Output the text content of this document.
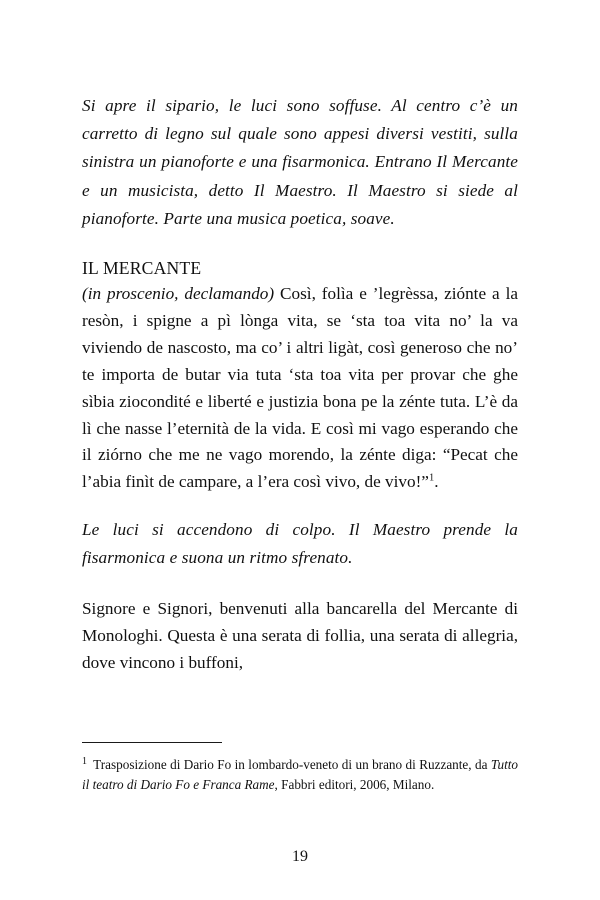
Si apre il sipario, le luci sono soffuse. Al centro c’è un carretto di legno sul quale sono appesi diversi vestiti, sulla sinistra un pianoforte e una fisarmonica. Entrano Il Mercante e un musicista, detto Il Maestro. Il Maestro si siede al pianoforte. Parte una musica poetica, soave.

IL MERCANTE

(in proscenio, declamando) Così, folìa e ’legrèssa, ziónte a la resòn, i spigne a pì lònga vita, se ‘sta toa vita no’ la va viviendo de nascosto, ma co’ i altri ligàt, così generoso che no’ te importa de butar via tuta ‘sta toa vita per provar che ghe sìbia ziocondité e liberté e justizia bona pe la zénte tuta. L’è da lì che nasse l’eternità de la vida. E così mi vago esperando che il ziórno che me ne vago morendo, la zénte diga: “Pecat che l’abia finìt de campare, a l’era così vivo, de vivo!”$^1$.

Le luci si accendono di colpo. Il Maestro prende la fisarmonica e suona un ritmo sfrenato.

Signore e Signori, benvenuti alla bancarella del Mercante di Monologhi. Questa è una serata di follia, una serata di allegria, dove vincono i buffoni,

$^1$ Trasposizione di Dario Fo in lombardo-veneto di un brano di Ruzzante, da Tutto il teatro di Dario Fo e Franca Rame, Fabbri editori, 2006, Milano.

19
